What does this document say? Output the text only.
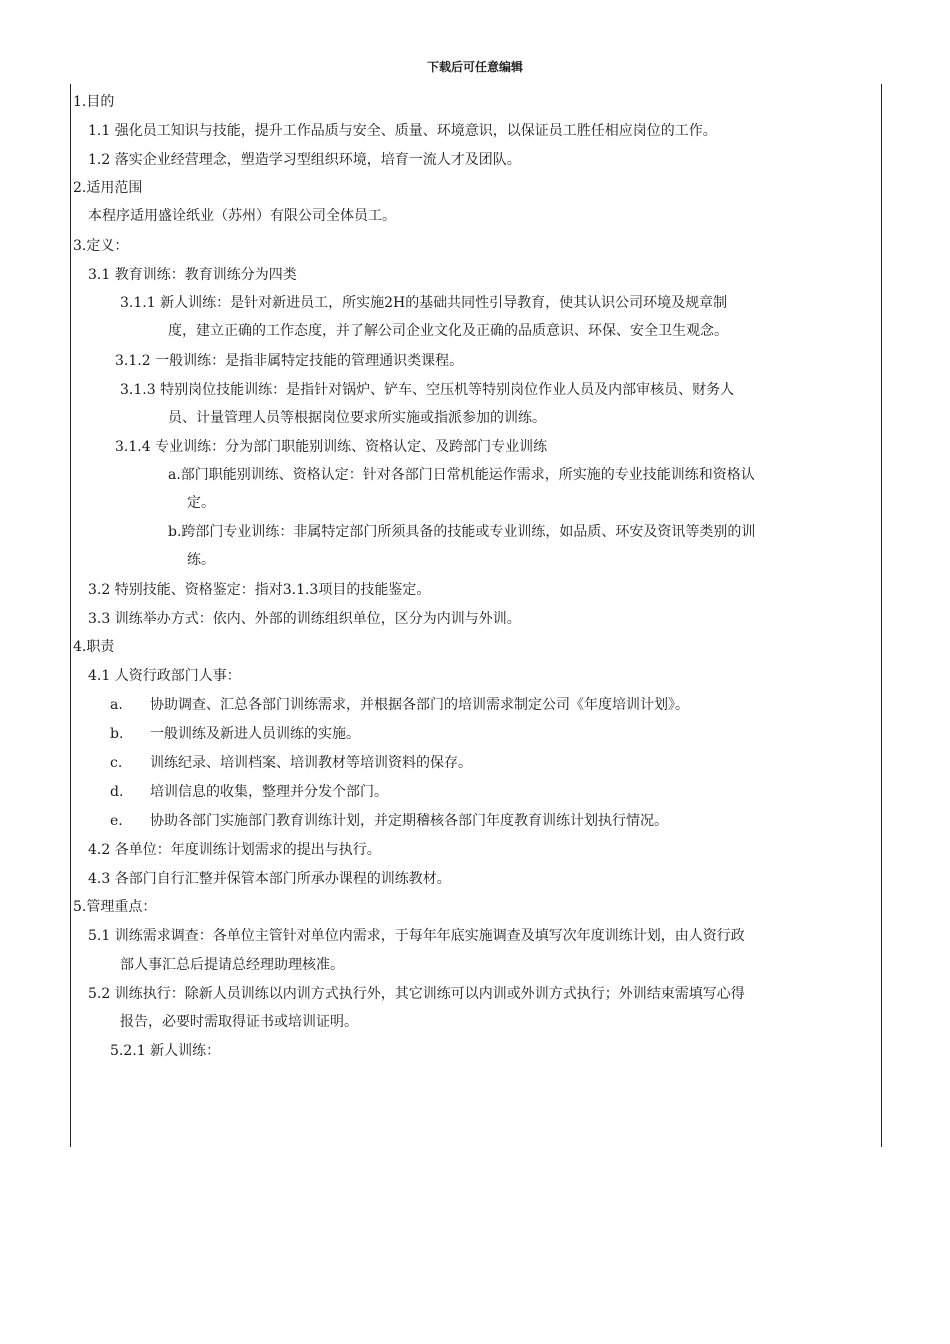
下载后可任意编辑
1.目的
1.1 强化员工知识与技能，提升工作品质与安全、质量、环境意识，以保证员工胜任相应岗位的工作。
1.2 落实企业经营理念，塑造学习型组织环境，培育一流人才及团队。
2.适用范围
本程序适用盛诠纸业（苏州）有限公司全体员工。
3.定义：
3.1 教育训练：教育训练分为四类
3.1.1 新人训练：是针对新进员工，所实施2H的基础共同性引导教育，使其认识公司环境及规章制
度，建立正确的工作态度，并了解公司企业文化及正确的品质意识、环保、安全卫生观念。
3.1.2 一般训练：是指非属特定技能的管理通识类课程。
3.1.3 特别岗位技能训练：是指针对锅炉、铲车、空压机等特别岗位作业人员及内部审核员、财务人
员、计量管理人员等根据岗位要求所实施或指派参加的训练。
3.1.4 专业训练：分为部门职能别训练、资格认定、及跨部门专业训练
a.部门职能别训练、资格认定：针对各部门日常机能运作需求，所实施的专业技能训练和资格认
定。
b.跨部门专业训练：非属特定部门所须具备的技能或专业训练，如品质、环安及资讯等类别的训
练。
3.2 特别技能、资格鉴定：指对3.1.3项目的技能鉴定。
3.3 训练举办方式：依内、外部的训练组织单位，区分为内训与外训。
4.职责
4.1 人资行政部门人事：
a. 协助调查、汇总各部门训练需求，并根据各部门的培训需求制定公司《年度培训计划》。
b. 一般训练及新进人员训练的实施。
c. 训练纪录、培训档案、培训教材等培训资料的保存。
d. 培训信息的收集，整理并分发个部门。
e. 协助各部门实施部门教育训练计划，并定期稽核各部门年度教育训练计划执行情况。
4.2 各单位：年度训练计划需求的提出与执行。
4.3 各部门自行汇整并保管本部门所承办课程的训练教材。
5.管理重点：
5.1 训练需求调查：各单位主管针对单位内需求，于每年年底实施调查及填写次年度训练计划，由人资行政
部人事汇总后提请总经理助理核准。
5.2 训练执行：除新人员训练以内训方式执行外，其它训练可以内训或外训方式执行；外训结束需填写心得
报告，必要时需取得证书或培训证明。
5.2.1 新人训练：
